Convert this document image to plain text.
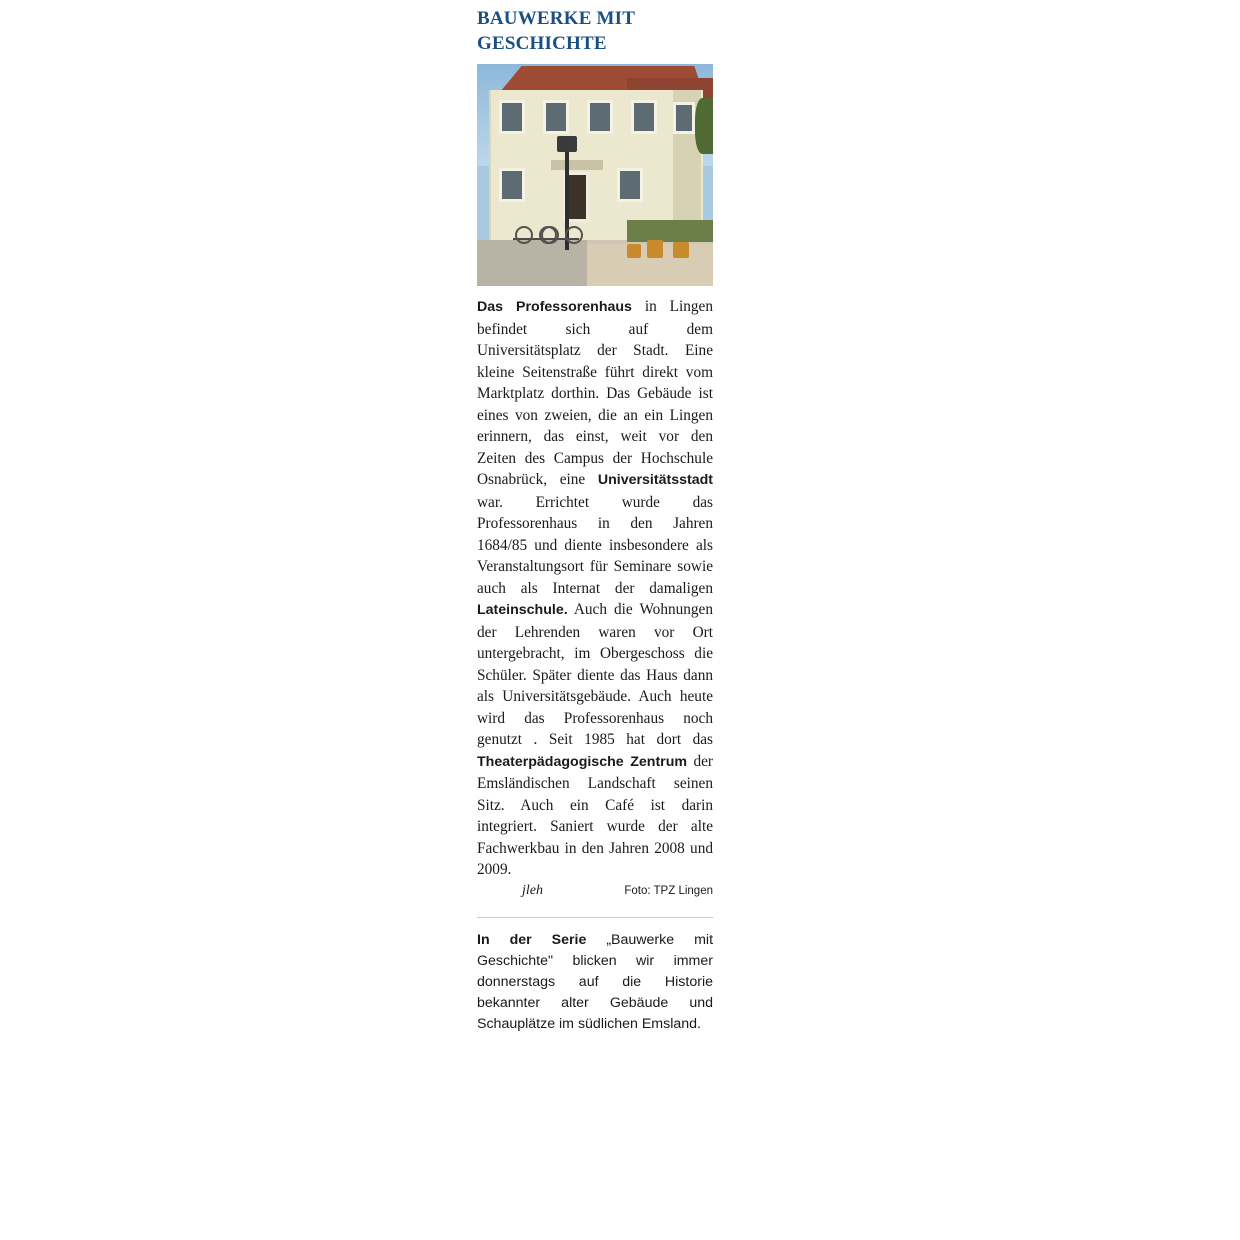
BAUWERKE MIT GESCHICHTE

Das Professorenhaus in Lingen befindet sich auf dem Universitätsplatz der Stadt. Eine kleine Seitenstraße führt direkt vom Marktplatz dorthin. Das Gebäude ist eines von zweien, die an ein Lingen erinnern, das einst, weit vor den Zeiten des Campus der Hochschule Osnabrück, eine Universitätsstadt war. Errichtet wurde das Professorenhaus in den Jahren 1684/85 und diente insbesondere als Veranstaltungsort für Seminare sowie auch als Internat der damaligen Lateinschule. Auch die Wohnungen der Lehrenden waren vor Ort untergebracht, im Obergeschoss die Schüler. Später diente das Haus dann als Universitätsgebäude. Auch heute wird das Professorenhaus noch genutzt . Seit 1985 hat dort das Theaterpädagogische Zentrum der Emsländischen Landschaft seinen Sitz. Auch ein Café ist darin integriert. Saniert wurde der alte Fachwerkbau in den Jahren 2008 und 2009.

jleh	Foto: TPZ Lingen

In der Serie „Bauwerke mit Geschichte" blicken wir immer donnerstags auf die Historie bekannter alter Gebäude und Schauplätze im südlichen Emsland.
